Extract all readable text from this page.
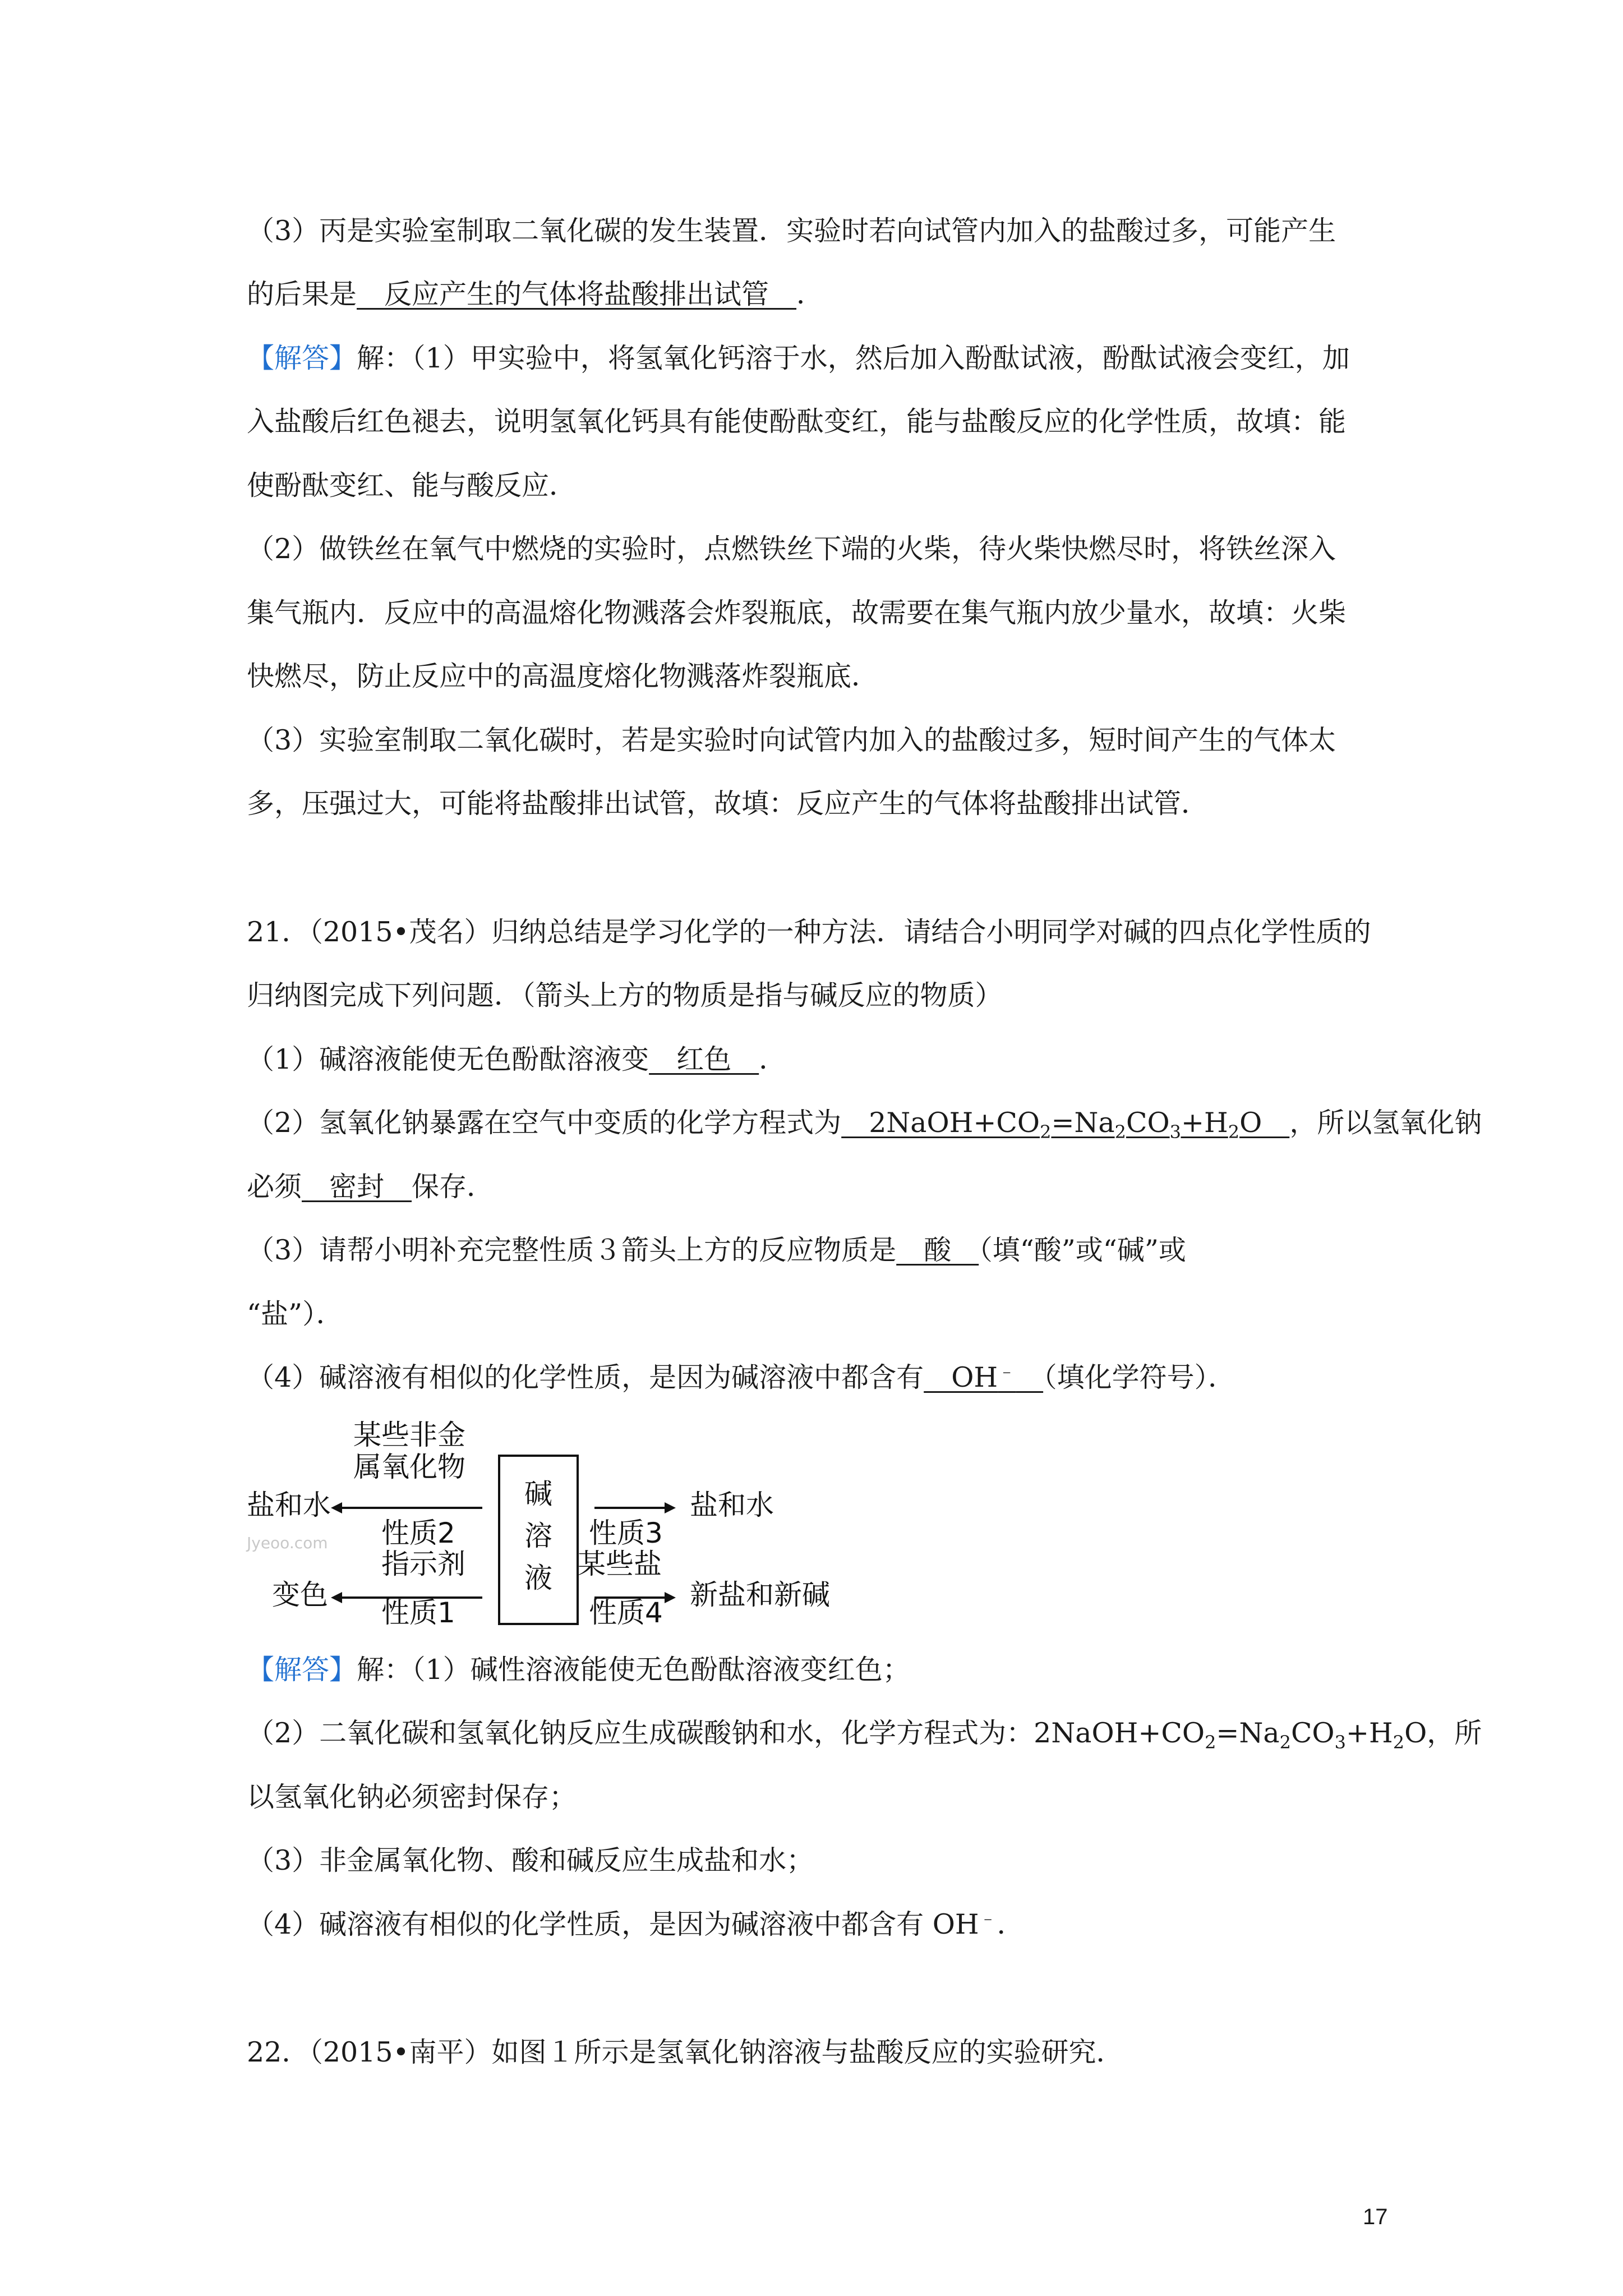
（3）丙是实验室制取二氧化碳的发生装置．实验时若向试管内加入的盐酸过多，可能产生
的后果是　反应产生的气体将盐酸排出试管　．
【解答】解：（1）甲实验中，将氢氧化钙溶于水，然后加入酚酞试液，酚酞试液会变红，加
入盐酸后红色褪去，说明氢氧化钙具有能使酚酞变红，能与盐酸反应的化学性质，故填：能
使酚酞变红、能与酸反应．
（2）做铁丝在氧气中燃烧的实验时，点燃铁丝下端的火柴，待火柴快燃尽时，将铁丝深入
集气瓶内．反应中的高温熔化物溅落会炸裂瓶底，故需要在集气瓶内放少量水，故填：火柴
快燃尽，防止反应中的高温度熔化物溅落炸裂瓶底．
（3）实验室制取二氧化碳时，若是实验时向试管内加入的盐酸过多，短时间产生的气体太
多，压强过大，可能将盐酸排出试管，故填：反应产生的气体将盐酸排出试管．
21．（2015•茂名）归纳总结是学习化学的一种方法．请结合小明同学对碱的四点化学性质的
归纳图完成下列问题．（箭头上方的物质是指与碱反应的物质）
（1）碱溶液能使无色酚酞溶液变　红色　．
（2）氢氧化钠暴露在空气中变质的化学方程式为　$2NaOH+CO_2=Na_2CO_3+H_2O$　，所以氢氧化钠
必须　密封　保存．
（3）请帮小明补充完整性质３箭头上方的反应物质是　酸　（填“酸”或“碱”或
“盐”）．
（4）碱溶液有相似的化学性质，是因为碱溶液中都含有　OH﹣　 （填化学符号）．
某些非金
属氧化物
盐和水
性质2
指示剂
变色
性质1
Jyeoo.com
碱
溶
液
盐和水
性质3
某些盐
新盐和新碱
性质4
【解答】解：（1）碱性溶液能使无色酚酞溶液变红色；
（2）二氧化碳和氢氧化钠反应生成碳酸钠和水，化学方程式为：$2NaOH+CO_2=Na_2CO_3+H_2O$，所
以氢氧化钠必须密封保存；
（3）非金属氧化物、酸和碱反应生成盐和水；
（4）碱溶液有相似的化学性质，是因为碱溶液中都含有 OH﹣．
22．（2015•南平）如图１所示是氢氧化钠溶液与盐酸反应的实验研究．
17
